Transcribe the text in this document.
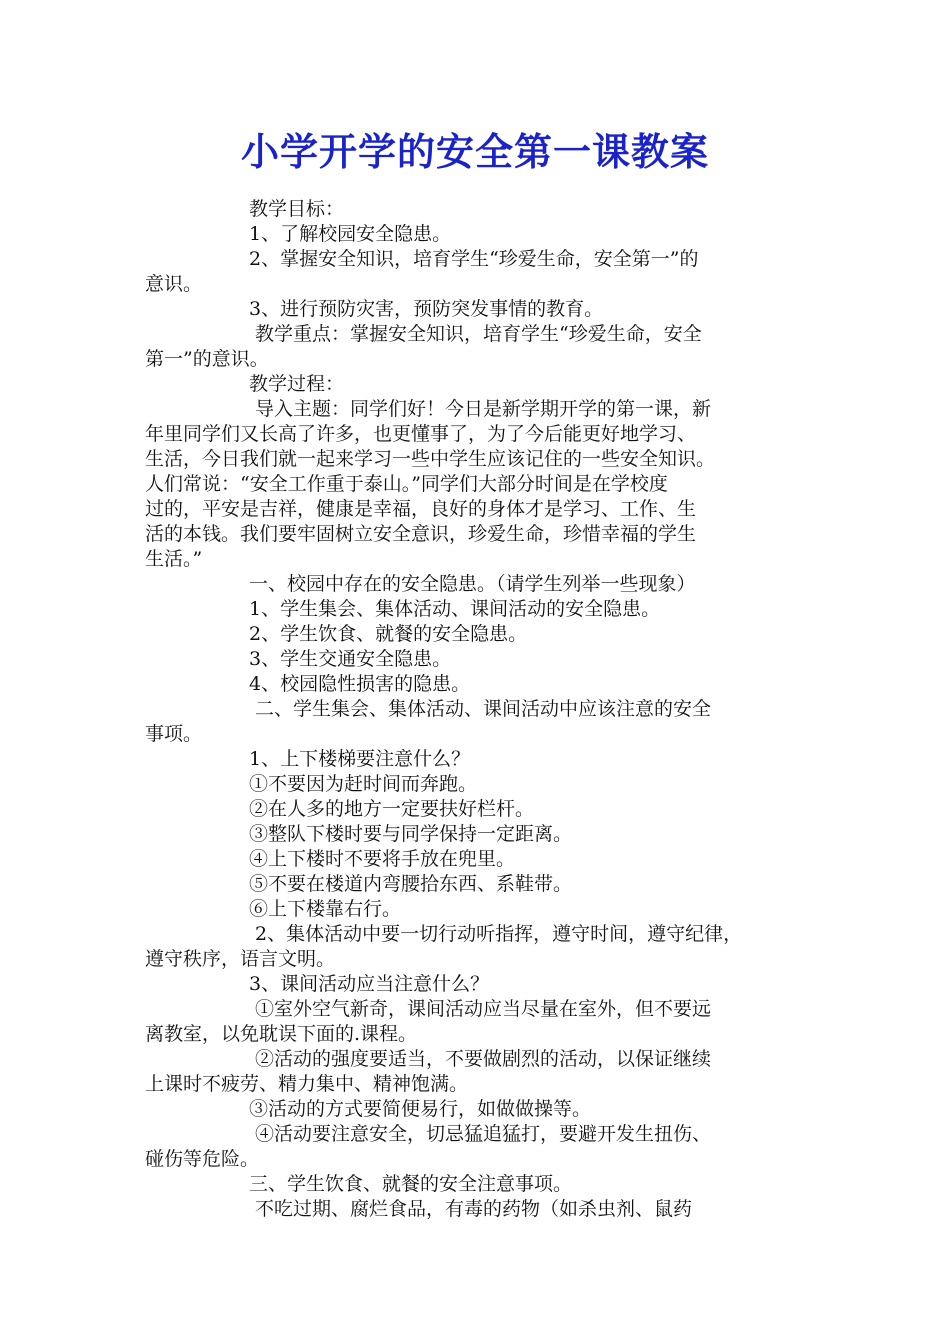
小学开学的安全第一课教案

教学目标：

1、了解校园安全隐患。

2、掌握安全知识，培育学生“珍爱生命，安全第一”的

意识。

3、进行预防灾害，预防突发事情的教育。

教学重点：掌握安全知识，培育学生“珍爱生命，安全

第一”的意识。

教学过程：

导入主题：同学们好！今日是新学期开学的第一课，新

年里同学们又长高了许多，也更懂事了，为了今后能更好地学习、

生活，今日我们就一起来学习一些中学生应该记住的一些安全知识。

人们常说：“安全工作重于泰山。”同学们大部分时间是在学校度

过的，平安是吉祥，健康是幸福，良好的身体才是学习、工作、生

活的本钱。我们要牢固树立安全意识，珍爱生命，珍惜幸福的学生

生活。”

一、校园中存在的安全隐患。（请学生列举一些现象）

1、学生集会、集体活动、课间活动的安全隐患。

2、学生饮食、就餐的安全隐患。

3、学生交通安全隐患。

4、校园隐性损害的隐患。

二、学生集会、集体活动、课间活动中应该注意的安全

事项。

1、上下楼梯要注意什么？

①不要因为赶时间而奔跑。

②在人多的地方一定要扶好栏杆。

③整队下楼时要与同学保持一定距离。

④上下楼时不要将手放在兜里。

⑤不要在楼道内弯腰拾东西、系鞋带。

⑥上下楼靠右行。

2、集体活动中要一切行动听指挥，遵守时间，遵守纪律，

遵守秩序，语言文明。

3、课间活动应当注意什么？

①室外空气新奇，课间活动应当尽量在室外，但不要远

离教室，以免耽误下面的.课程。

②活动的强度要适当，不要做剧烈的活动，以保证继续

上课时不疲劳、精力集中、精神饱满。

③活动的方式要简便易行，如做做操等。

④活动要注意安全，切忌猛追猛打，要避开发生扭伤、

碰伤等危险。

三、学生饮食、就餐的安全注意事项。

不吃过期、腐烂食品，有毒的药物（如杀虫剂、鼠药
